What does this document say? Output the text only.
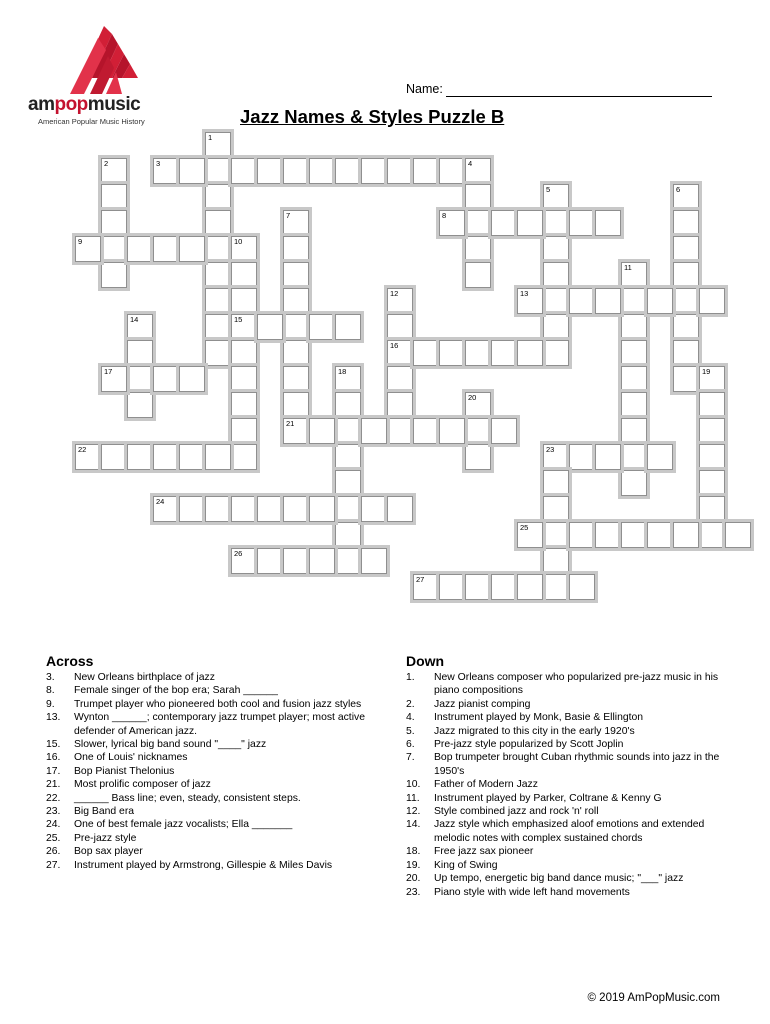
ampopmusic
American Popular Music History
Name:
Jazz Names & Styles Puzzle B
1
2	3	4
5	6
7	8
9	10
11
12	13
14	15
16
17	18	19
20
21
22	23
24
25
26
27
Across
3.	New Orleans birthplace of jazz
8.	Female singer of the bop era; Sarah ______
9.	Trumpet player who pioneered both cool and fusion jazz styles
13.	Wynton ______; contemporary jazz trumpet player; most active defender of American jazz.
15.	Slower, lyrical big band sound "____" jazz
16.	One of Louis' nicknames
17.	Bop Pianist Thelonius
21.	Most prolific composer of jazz
22.	______ Bass line; even, steady, consistent steps.
23.	Big Band era
24.	One of best female jazz vocalists; Ella _______
25.	Pre-jazz style
26.	Bop sax player
27.	Instrument played by Armstrong, Gillespie & Miles Davis
Down
1.	New Orleans composer who popularized pre-jazz music in his piano compositions
2.	Jazz pianist comping
4.	Instrument played by Monk, Basie & Ellington
5.	Jazz migrated to this city in the early 1920's
6.	Pre-jazz style popularized by Scott Joplin
7.	Bop trumpeter brought Cuban rhythmic sounds into jazz in the 1950's
10.	Father of Modern Jazz
11.	Instrument played by Parker, Coltrane & Kenny G
12.	Style combined jazz and rock 'n' roll
14.	Jazz style which emphasized aloof emotions and extended melodic notes with complex sustained chords
18.	Free jazz sax pioneer
19.	King of Swing
20.	Up tempo, energetic big band dance music; "___" jazz
23.	Piano style with wide left hand movements
© 2019 AmPopMusic.com
